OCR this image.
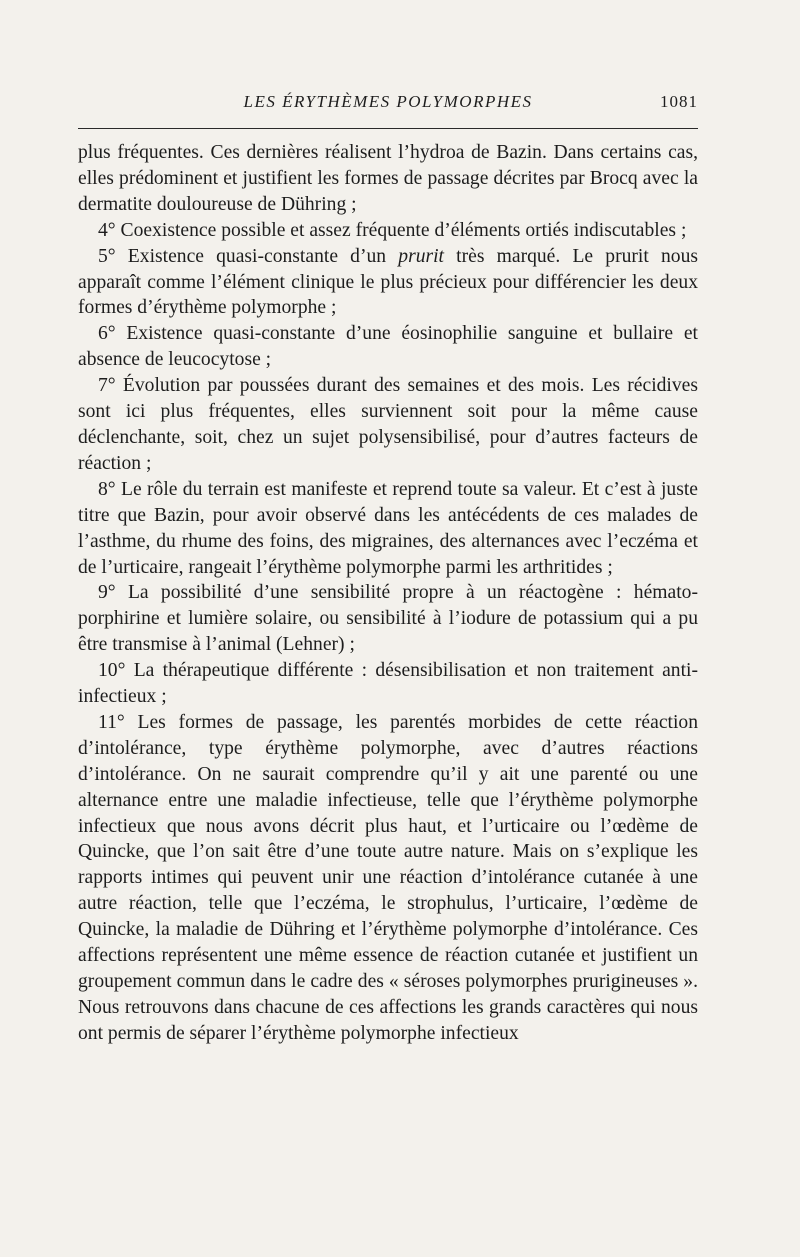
LES ÉRYTHÈMES POLYMORPHES	1081

plus fréquentes. Ces dernières réalisent l’hydroa de Bazin. Dans certains cas, elles prédominent et justifient les formes de passage décrites par Brocq avec la dermatite douloureuse de Dühring ;

4° Coexistence possible et assez fréquente d’éléments ortiés indiscutables ;

5° Existence quasi-constante d’un prurit très marqué. Le prurit nous apparaît comme l’élément clinique le plus précieux pour différencier les deux formes d’érythème polymorphe ;

6° Existence quasi-constante d’une éosinophilie sanguine et bullaire et absence de leucocytose ;

7° Évolution par poussées durant des semaines et des mois. Les récidives sont ici plus fréquentes, elles surviennent soit pour la même cause déclenchante, soit, chez un sujet polysensibilisé, pour d’autres facteurs de réaction ;

8° Le rôle du terrain est manifeste et reprend toute sa valeur. Et c’est à juste titre que Bazin, pour avoir observé dans les antécédents de ces malades de l’asthme, du rhume des foins, des migraines, des alternances avec l’eczéma et de l’urticaire, rangeait l’érythème polymorphe parmi les arthritides ;

9° La possibilité d’une sensibilité propre à un réactogène : hémato-porphirine et lumière solaire, ou sensibilité à l’iodure de potassium qui a pu être transmise à l’animal (Lehner) ;

10° La thérapeutique différente : désensibilisation et non traitement anti-infectieux ;

11° Les formes de passage, les parentés morbides de cette réaction d’intolérance, type érythème polymorphe, avec d’autres réactions d’intolérance. On ne saurait comprendre qu’il y ait une parenté ou une alternance entre une maladie infectieuse, telle que l’érythème polymorphe infectieux que nous avons décrit plus haut, et l’urticaire ou l’œdème de Quincke, que l’on sait être d’une toute autre nature. Mais on s’explique les rapports intimes qui peuvent unir une réaction d’intolérance cutanée à une autre réaction, telle que l’eczéma, le strophulus, l’urticaire, l’œdème de Quincke, la maladie de Dühring et l’érythème polymorphe d’intolérance. Ces affections représentent une même essence de réaction cutanée et justifient un groupement commun dans le cadre des « séroses polymorphes prurigineuses ». Nous retrouvons dans chacune de ces affections les grands caractères qui nous ont permis de séparer l’érythème polymorphe infectieux
